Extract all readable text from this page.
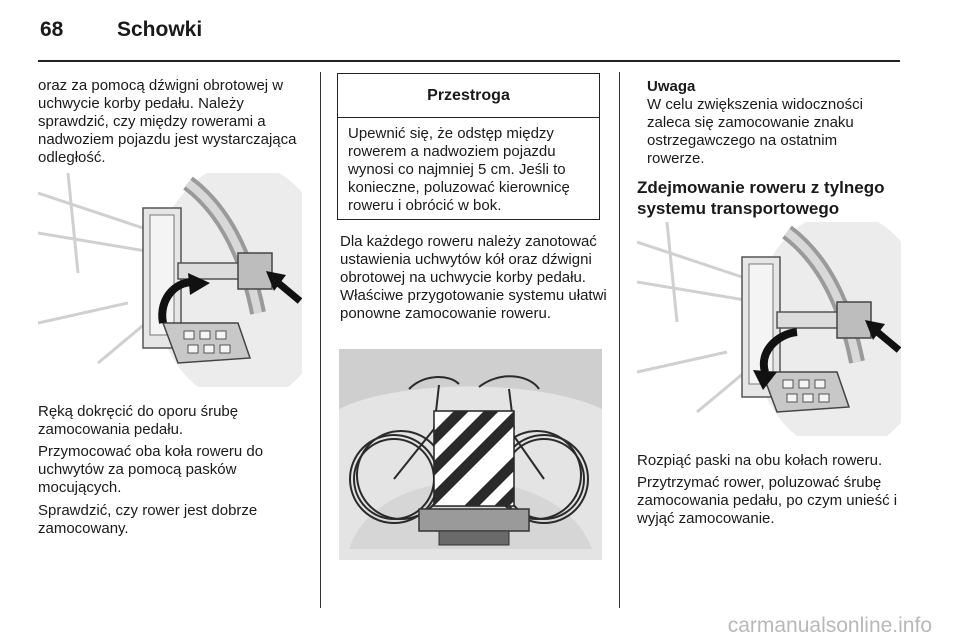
68	Schowki

oraz za pomocą dźwigni obrotowej w uchwycie korby pedału. Należy sprawdzić, czy między rowerami a nadwoziem pojazdu jest wystarczająca odległość.

Ręką dokręcić do oporu śrubę zamocowania pedału.

Przymocować oba koła roweru do uchwytów za pomocą pasków mocujących.

Sprawdzić, czy rower jest dobrze zamocowany.

Przestroga
Upewnić się, że odstęp między rowerem a nadwoziem pojazdu wynosi co najmniej 5 cm. Jeśli to konieczne, poluzować kierownicę roweru i obrócić w bok.

Dla każdego roweru należy zanotować ustawienia uchwytów kół oraz dźwigni obrotowej na uchwycie korby pedału. Właściwe przygotowanie systemu ułatwi ponowne zamocowanie roweru.

Uwaga

W celu zwiększenia widoczności zaleca się zamocowanie znaku ostrzegawczego na ostatnim rowerze.

Zdejmowanie roweru z tylnego systemu transportowego

Rozpiąć paski na obu kołach roweru.

Przytrzymać rower, poluzować śrubę zamocowania pedału, po czym unieść i wyjąć zamocowanie.

carmanualsonline.info
